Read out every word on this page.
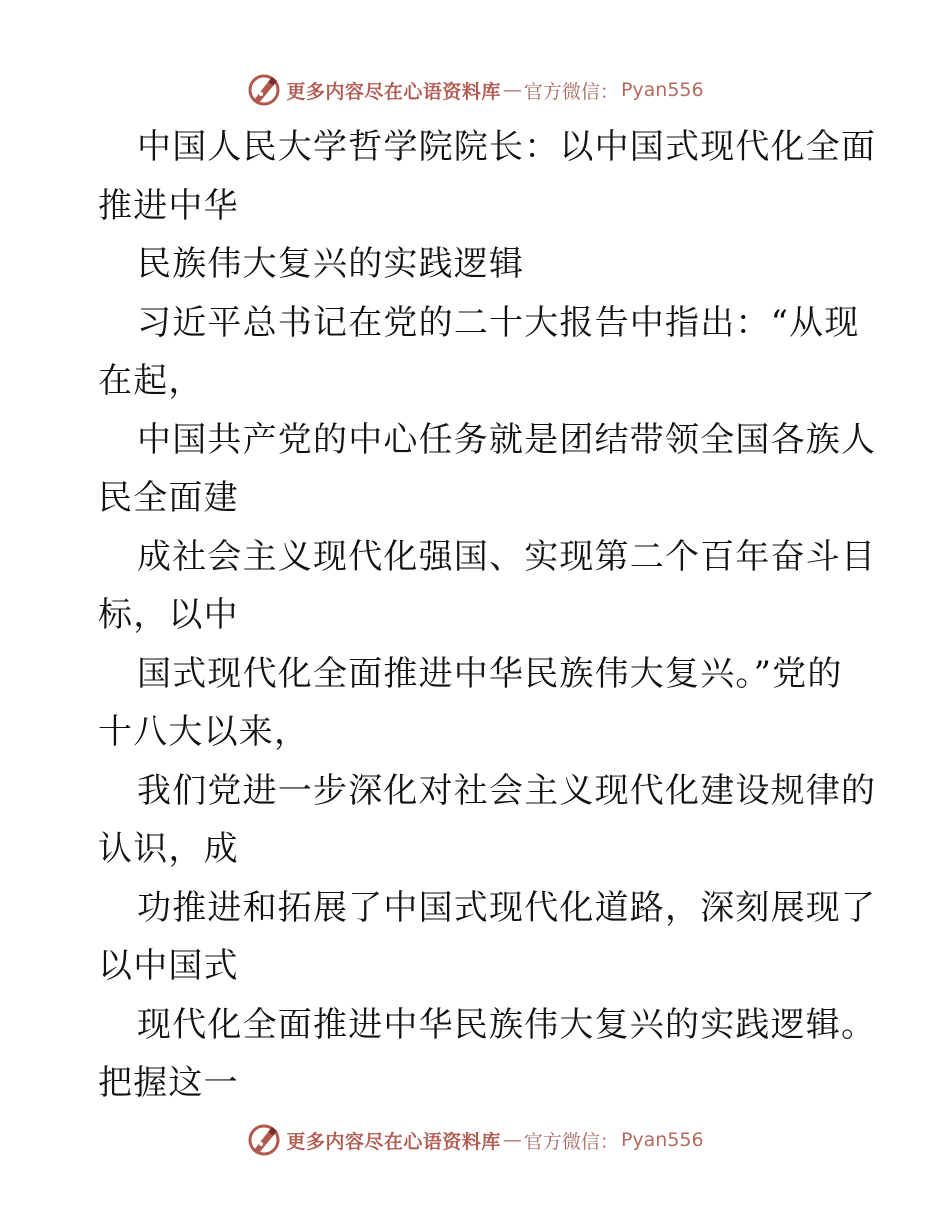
更多内容尽在心语资料库 — 官方微信： Pyan556
中国人民大学哲学院院长：以中国式现代化全面
推进中华
民族伟大复兴的实践逻辑
习近平总书记在党的二十大报告中指出：“从现
在起，
中国共产党的中心任务就是团结带领全国各族人
民全面建
成社会主义现代化强国、实现第二个百年奋斗目
标，以中
国式现代化全面推进中华民族伟大复兴。”党的
十八大以来，
我们党进一步深化对社会主义现代化建设规律的
认识，成
功推进和拓展了中国式现代化道路，深刻展现了
以中国式
现代化全面推进中华民族伟大复兴的实践逻辑。
把握这一
更多内容尽在心语资料库 — 官方微信： Pyan556
